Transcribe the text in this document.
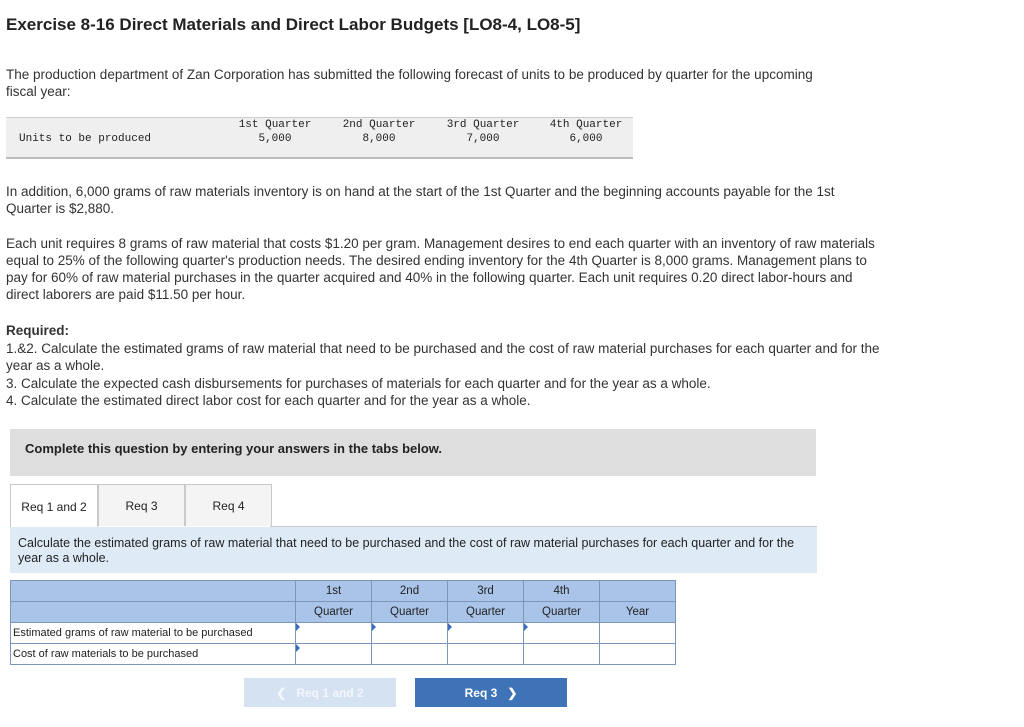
Exercise 8-16 Direct Materials and Direct Labor Budgets [LO8-4, LO8-5]

The production department of Zan Corporation has submitted the following forecast of units to be produced by quarter for the upcoming fiscal year:

1st Quarter	2nd Quarter	3rd Quarter	4th Quarter
Units to be produced	5,000	8,000	7,000	6,000

In addition, 6,000 grams of raw materials inventory is on hand at the start of the 1st Quarter and the beginning accounts payable for the 1st Quarter is $2,880.

Each unit requires 8 grams of raw material that costs $1.20 per gram. Management desires to end each quarter with an inventory of raw materials equal to 25% of the following quarter's production needs. The desired ending inventory for the 4th Quarter is 8,000 grams. Management plans to pay for 60% of raw material purchases in the quarter acquired and 40% in the following quarter. Each unit requires 0.20 direct labor-hours and direct laborers are paid $11.50 per hour.

Required:
1.&2. Calculate the estimated grams of raw material that need to be purchased and the cost of raw material purchases for each quarter and for the year as a whole.
3. Calculate the expected cash disbursements for purchases of materials for each quarter and for the year as a whole.
4. Calculate the estimated direct labor cost for each quarter and for the year as a whole.
Complete this question by entering your answers in the tabs below.
Req 1 and 2	Req 3	Req 4
Calculate the estimated grams of raw material that need to be purchased and the cost of raw material purchases for each quarter and for the year as a whole.
	1st	2nd	3rd	4th	
	Quarter	Quarter	Quarter	Quarter	Year
Estimated grams of raw material to be purchased	

Cost of raw materials to be purchased	

❮ Req 1 and 2	Req 3 ❯
